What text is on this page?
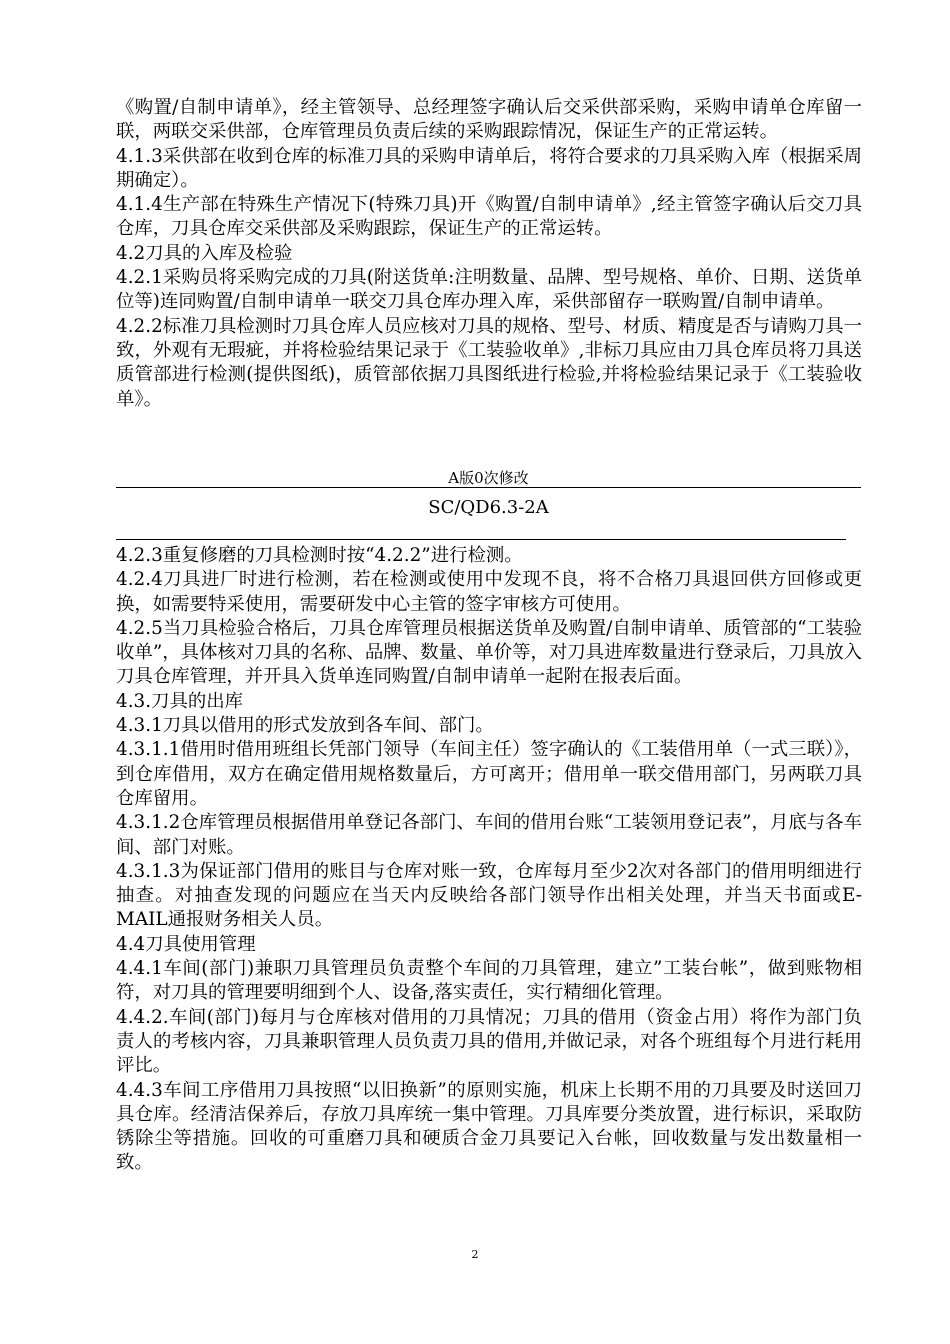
《购置/自制申请单》，经主管领导、总经理签字确认后交采供部采购，采购申请单仓库留一联，两联交采供部，仓库管理员负责后续的采购跟踪情况，保证生产的正常运转。

4.1.3采供部在收到仓库的标准刀具的采购申请单后，将符合要求的刀具采购入库（根据采周期确定）。

4.1.4生产部在特殊生产情况下(特殊刀具)开《购置/自制申请单》,经主管签字确认后交刀具仓库，刀具仓库交采供部及采购跟踪，保证生产的正常运转。

4.2刀具的入库及检验

4.2.1采购员将采购完成的刀具(附送货单:注明数量、品牌、型号规格、单价、日期、送货单位等)连同购置/自制申请单一联交刀具仓库办理入库，采供部留存一联购置/自制申请单。

4.2.2标准刀具检测时刀具仓库人员应核对刀具的规格、型号、材质、精度是否与请购刀具一致，外观有无瑕疵，并将检验结果记录于《工装验收单》,非标刀具应由刀具仓库员将刀具送质管部进行检测(提供图纸)，质管部依据刀具图纸进行检验,并将检验结果记录于《工装验收单》。

A版0次修改
SC/QD6.3-2A

4.2.3重复修磨的刀具检测时按“4.2.2”进行检测。

4.2.4刀具进厂时进行检测，若在检测或使用中发现不良，将不合格刀具退回供方回修或更换，如需要特采使用，需要研发中心主管的签字审核方可使用。

4.2.5当刀具检验合格后，刀具仓库管理员根据送货单及购置/自制申请单、质管部的“工装验收单”，具体核对刀具的名称、品牌、数量、单价等，对刀具进库数量进行登录后，刀具放入刀具仓库管理，并开具入货单连同购置/自制申请单一起附在报表后面。

4.3.刀具的出库

4.3.1刀具以借用的形式发放到各车间、部门。

4.3.1.1借用时借用班组长凭部门领导（车间主任）签字确认的《工装借用单（一式三联）》，到仓库借用，双方在确定借用规格数量后，方可离开；借用单一联交借用部门，另两联刀具仓库留用。

4.3.1.2仓库管理员根据借用单登记各部门、车间的借用台账“工装领用登记表”，月底与各车间、部门对账。

4.3.1.3为保证部门借用的账目与仓库对账一致，仓库每月至少2次对各部门的借用明细进行抽查。对抽查发现的问题应在当天内反映给各部门领导作出相关处理，并当天书面或E-MAIL通报财务相关人员。

4.4刀具使用管理

4.4.1车间(部门)兼职刀具管理员负责整个车间的刀具管理，建立”工装台帐”，做到账物相符，对刀具的管理要明细到个人、设备,落实责任，实行精细化管理。

4.4.2.车间(部门)每月与仓库核对借用的刀具情况；刀具的借用（资金占用）将作为部门负责人的考核内容，刀具兼职管理人员负责刀具的借用,并做记录，对各个班组每个月进行耗用评比。

4.4.3车间工序借用刀具按照“以旧换新”的原则实施，机床上长期不用的刀具要及时送回刀具仓库。经清洁保养后，存放刀具库统一集中管理。刀具库要分类放置，进行标识，采取防锈除尘等措施。回收的可重磨刀具和硬质合金刀具要记入台帐，回收数量与发出数量相一致。

2
